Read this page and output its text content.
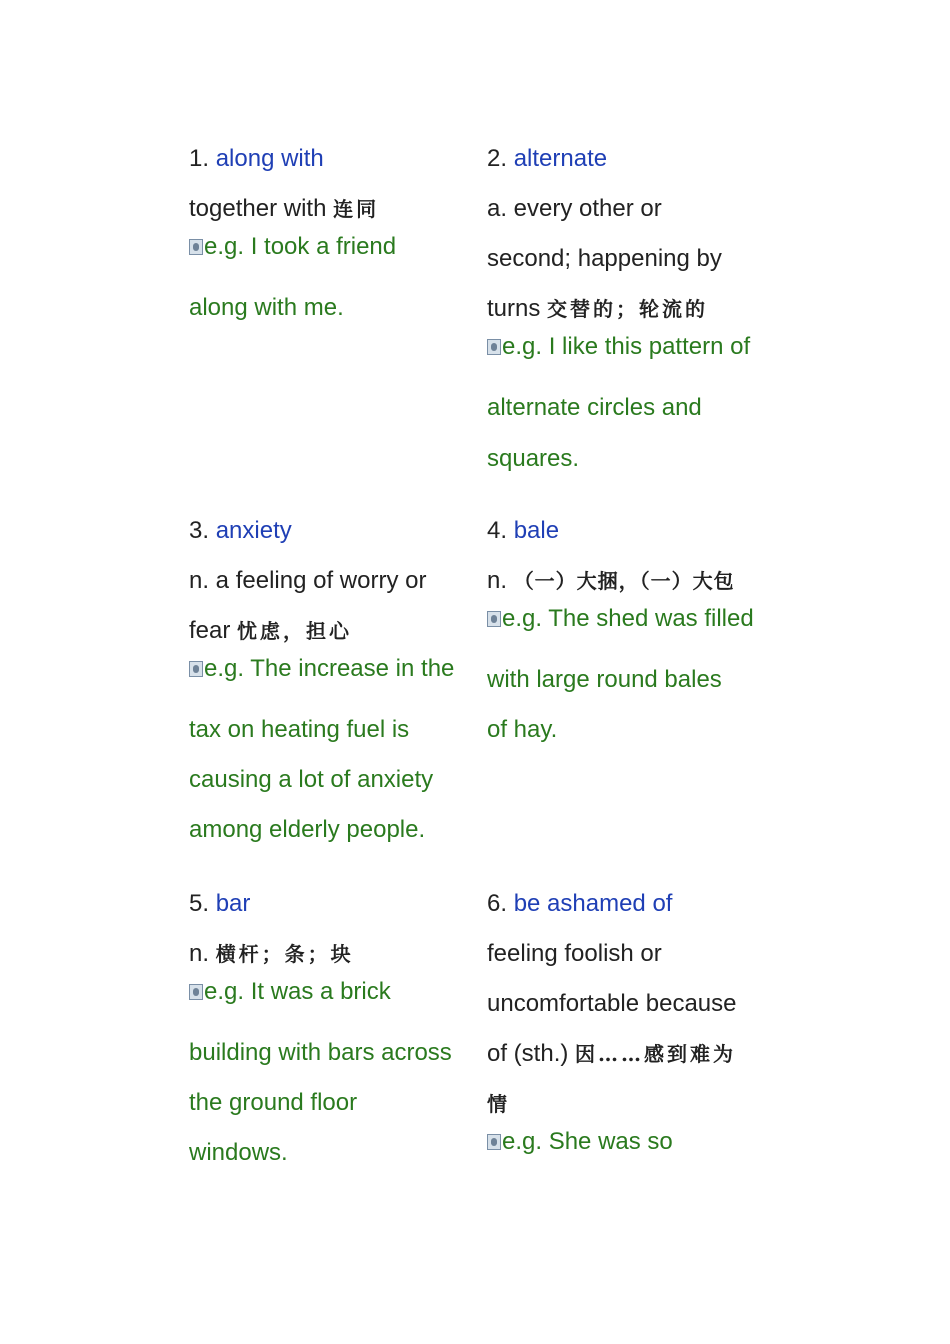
1. along with
together with 连同
e.g. I took a friend
along with me.
2. alternate
a. every other or
second; happening by
turns 交替的；轮流的
e.g. I like this pattern of
alternate circles and
squares.
3. anxiety
n. a feeling of worry or
fear 忧虑，担心
e.g. The increase in the
tax on heating fuel is
causing a lot of anxiety
among elderly people.
4. bale
n. （一）大捆，（一）大包
e.g. The shed was filled
with large round bales
of hay.
5. bar
n. 横杆；条；块
e.g. It was a brick
building with bars across
the ground floor
windows.
6. be ashamed of
feeling foolish or
uncomfortable because
of (sth.) 因……感到难为
情
e.g. She was so
